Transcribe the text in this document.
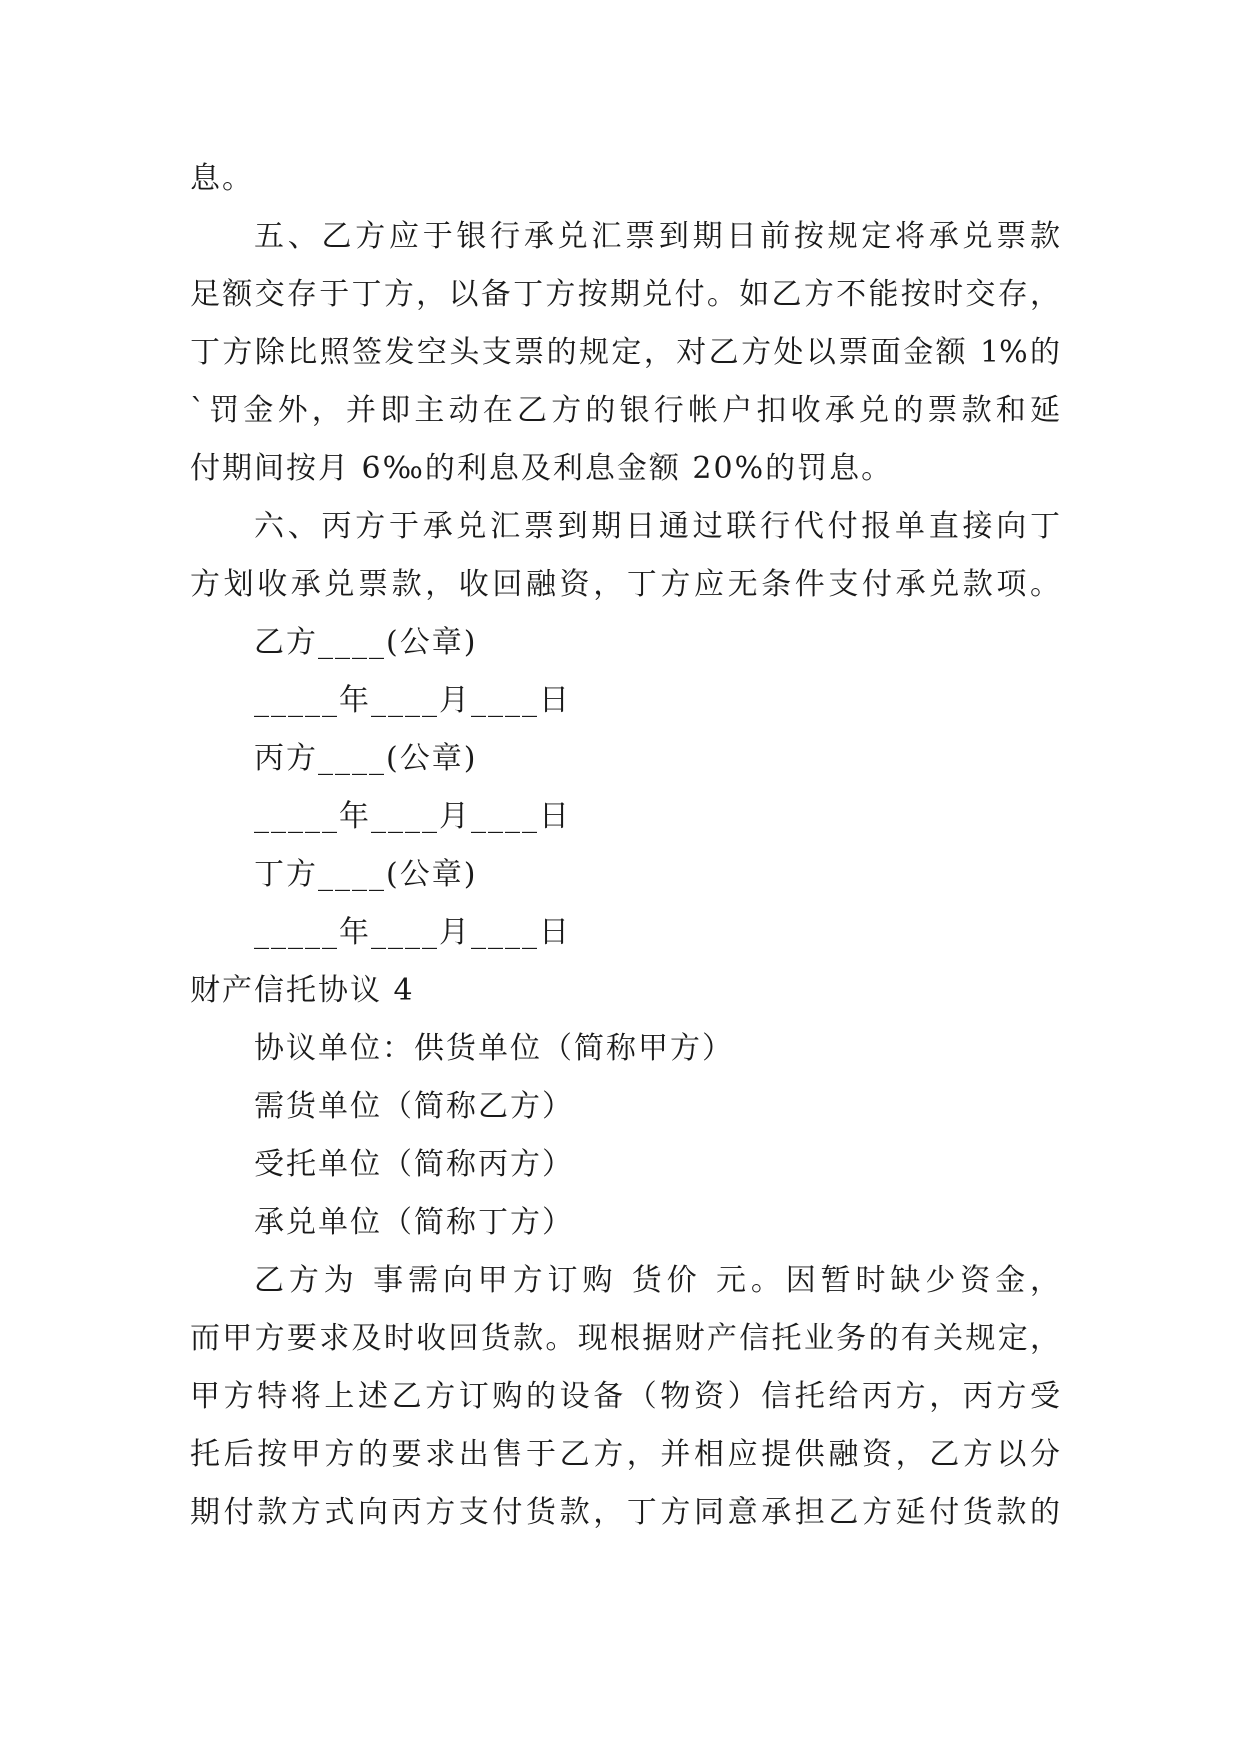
息。
五、乙方应于银行承兑汇票到期日前按规定将承兑票款
足额交存于丁方，以备丁方按期兑付。如乙方不能按时交存，
丁方除比照签发空头支票的规定，对乙方处以票面金额 1%的
`罚金外，并即主动在乙方的银行帐户扣收承兑的票款和延
付期间按月 6‰的利息及利息金额 20%的罚息。
六、丙方于承兑汇票到期日通过联行代付报单直接向丁
方划收承兑票款，收回融资，丁方应无条件支付承兑款项。
乙方____(公章)
_____年____月____日
丙方____(公章)
_____年____月____日
丁方____(公章)
_____年____月____日
财产信托协议 4
协议单位：供货单位（简称甲方）
需货单位（简称乙方）
受托单位（简称丙方）
承兑单位（简称丁方）
乙方为 事需向甲方订购 货价 元。因暂时缺少资金，
而甲方要求及时收回货款。现根据财产信托业务的有关规定，
甲方特将上述乙方订购的设备（物资）信托给丙方，丙方受
托后按甲方的要求出售于乙方，并相应提供融资，乙方以分
期付款方式向丙方支付货款，丁方同意承担乙方延付货款的
